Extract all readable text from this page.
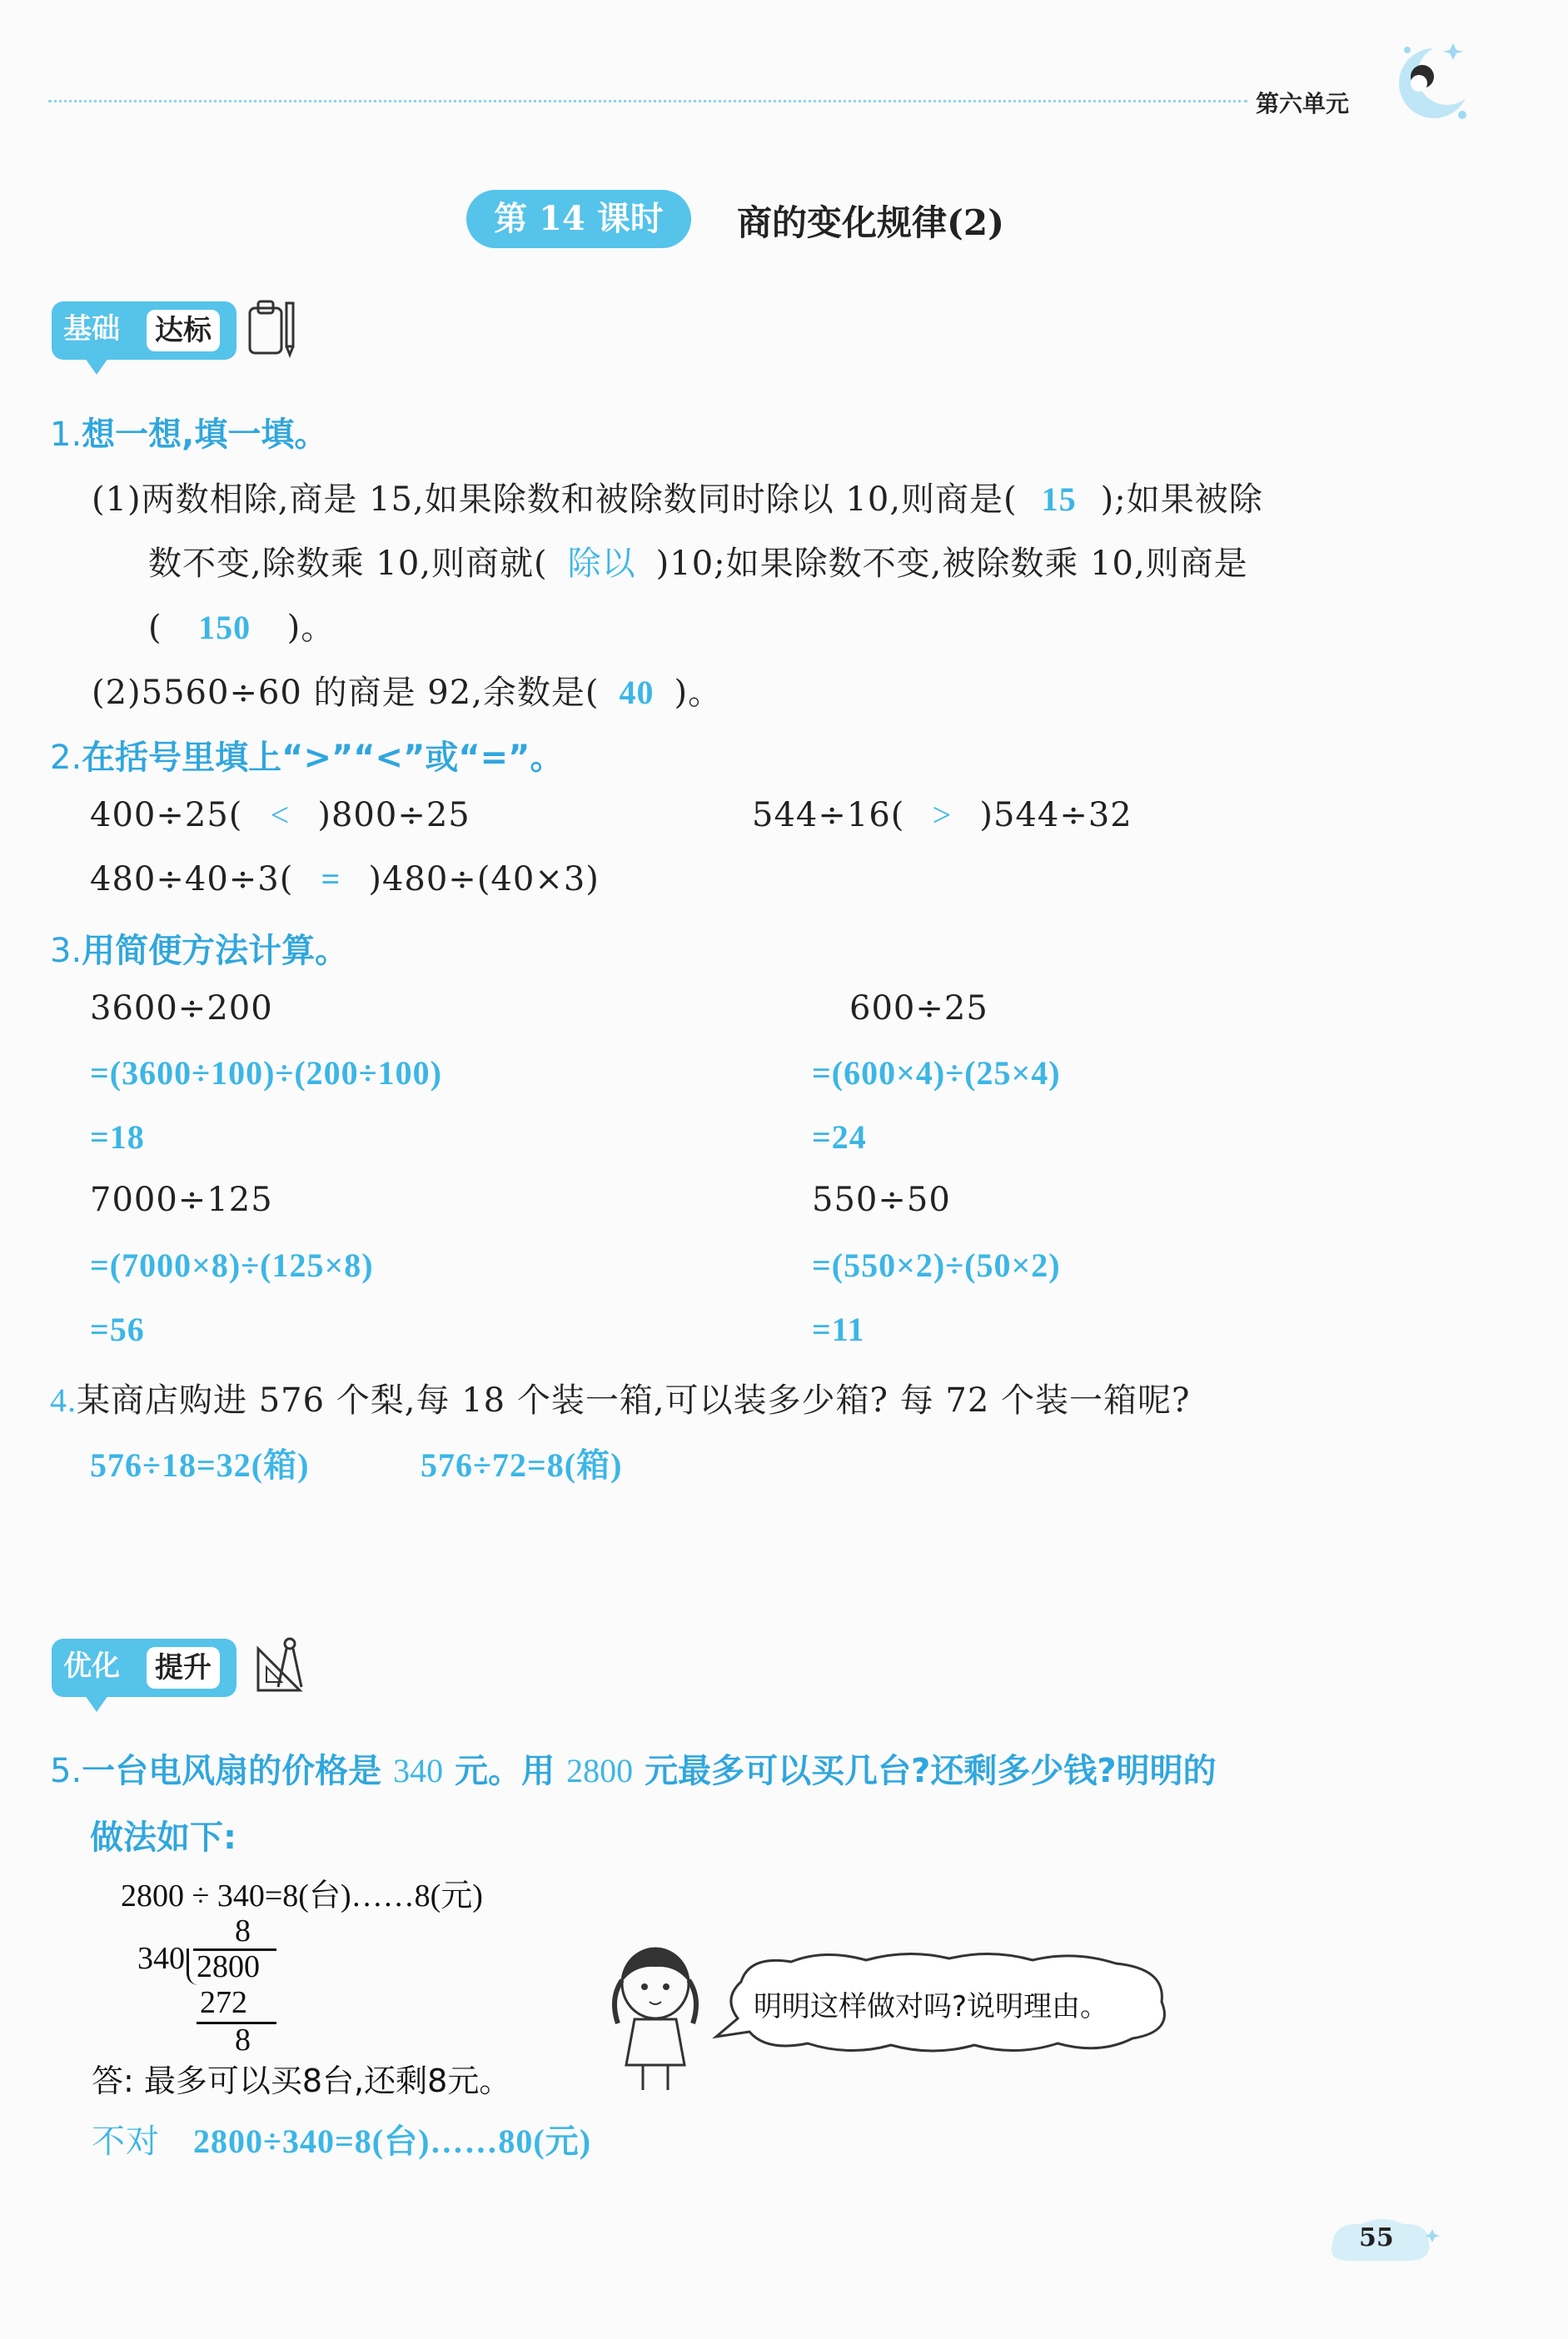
第六单元
第 14 课时	商的变化规律(2)
基础 达标
1.想一想,填一填。
(1)两数相除,商是 15,如果除数和被除数同时除以 10,则商是( 15 );如果被除
数不变,除数乘 10,则商就( 除以 )10;如果除数不变,被除数乘 10,则商是
( 150 )。
(2)5560÷60 的商是 92,余数是( 40 )。
2.在括号里填上“>”“<”或“=”。
400÷25( < )800÷25	544÷16( > )544÷32
480÷40÷3( = )480÷(40×3)
3.用简便方法计算。
3600÷200
=(3600÷100)÷(200÷100)
=18
600÷25
=(600×4)÷(25×4)
=24
7000÷125
=(7000×8)÷(125×8)
=56
550÷50
=(550×2)÷(50×2)
=11
4.某商店购进 576 个梨,每 18 个装一箱,可以装多少箱? 每 72 个装一箱呢?
576÷18=32(箱)	576÷72=8(箱)
优化 提升
5.一台电风扇的价格是 340 元。用 2800 元最多可以买几台?还剩多少钱?明明的
做法如下:
2800 ÷ 340=8(台)……8(元)
8
340 2800
272
8
答: 最多可以买8台,还剩8元。
明明这样做对吗?说明理由。
不对 2800÷340=8(台)……80(元)
55
